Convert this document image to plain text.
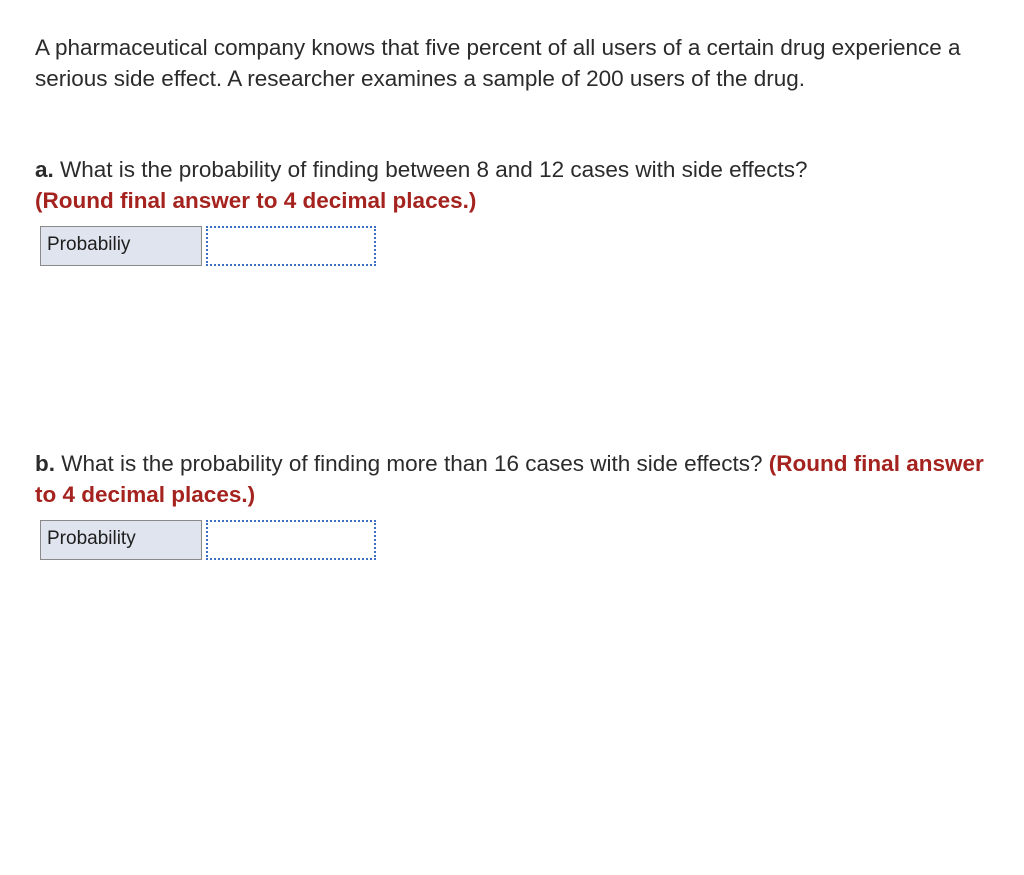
A pharmaceutical company knows that five percent of all users of a certain drug experience a serious side effect. A researcher examines a sample of 200 users of the drug.

a. What is the probability of finding between 8 and 12 cases with side effects?
(Round final answer to 4 decimal places.)

Probabiliy

b. What is the probability of finding more than 16 cases with side effects? (Round final answer to 4 decimal places.)

Probability
